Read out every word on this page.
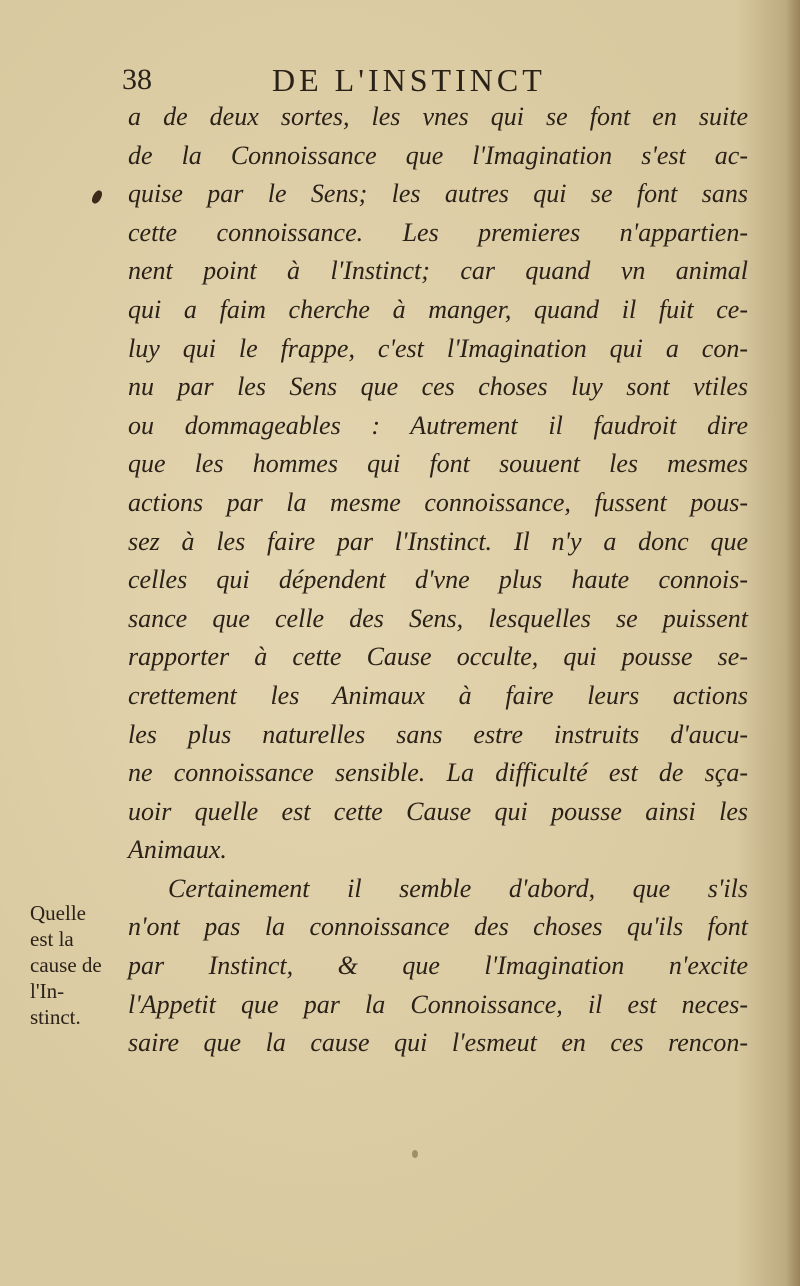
38	DE L'INSTINCT
a de deux sortes, les vnes qui se font en suite
de la Connoissance que l'Imagination s'est ac-
quise par le Sens; les autres qui se font sans
cette connoissance. Les premieres n'appartien-
nent point à l'Instinct; car quand vn animal
qui a faim cherche à manger, quand il fuit ce-
luy qui le frappe, c'est l'Imagination qui a con-
nu par les Sens que ces choses luy sont vtiles
ou dommageables : Autrement il faudroit dire
que les hommes qui font souuent les mesmes
actions par la mesme connoissance, fussent pous-
sez à les faire par l'Instinct. Il n'y a donc que
celles qui dépendent d'vne plus haute connois-
sance que celle des Sens, lesquelles se puissent
rapporter à cette Cause occulte, qui pousse se-
crettement les Animaux à faire leurs actions
les plus naturelles sans estre instruits d'aucu-
ne connoissance sensible. La difficulté est de sça-
uoir quelle est cette Cause qui pousse ainsi les
Animaux.
Certainement il semble d'abord, que s'ils
n'ont pas la connoissance des choses qu'ils font
par Instinct, & que l'Imagination n'excite
l'Appetit que par la Connoissance, il est neces-
saire que la cause qui l'esmeut en ces rencon-
Quelle
est la
cause de
l'In-
stinct.
